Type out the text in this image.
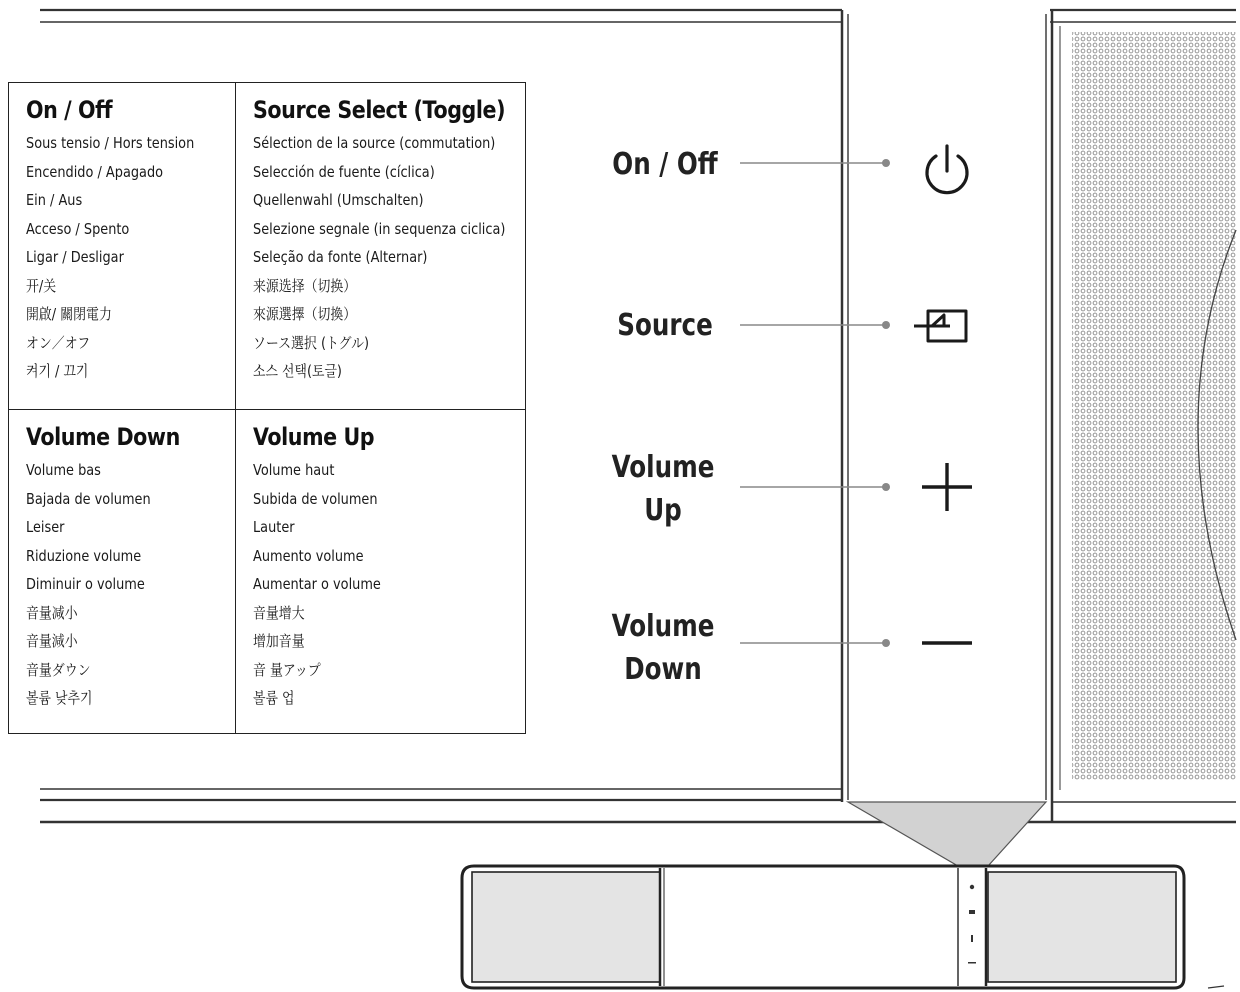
On / Off
Sous tensio / Hors tension
Encendido / Apagado
Ein / Aus
Acceso / Spento
Ligar / Desligar
开/关
開啟/ 關閉電力
オン／オフ
켜기 / 끄기
Source Select (Toggle)
Sélection de la source (commutation)
Selección de fuente (cíclica)
Quellenwahl (Umschalten)
Selezione segnale (in sequenza ciclica)
Seleção da fonte (Alternar)
来源选择（切换）
來源選擇（切換）
ソース選択 (トグル)
소스 선택(토글)
Volume Down
Volume bas
Bajada de volumen
Leiser
Riduzione volume
Diminuir o volume
音量减小
音量減小
音量ダウン
볼륨 낮추기
Volume Up
Volume haut
Subida de volumen
Lauter
Aumento volume
Aumentar o volume
音量增大
增加音量
音 量アップ
볼륨 업
On / Off
Source
Volume
Up
Volume
Down
